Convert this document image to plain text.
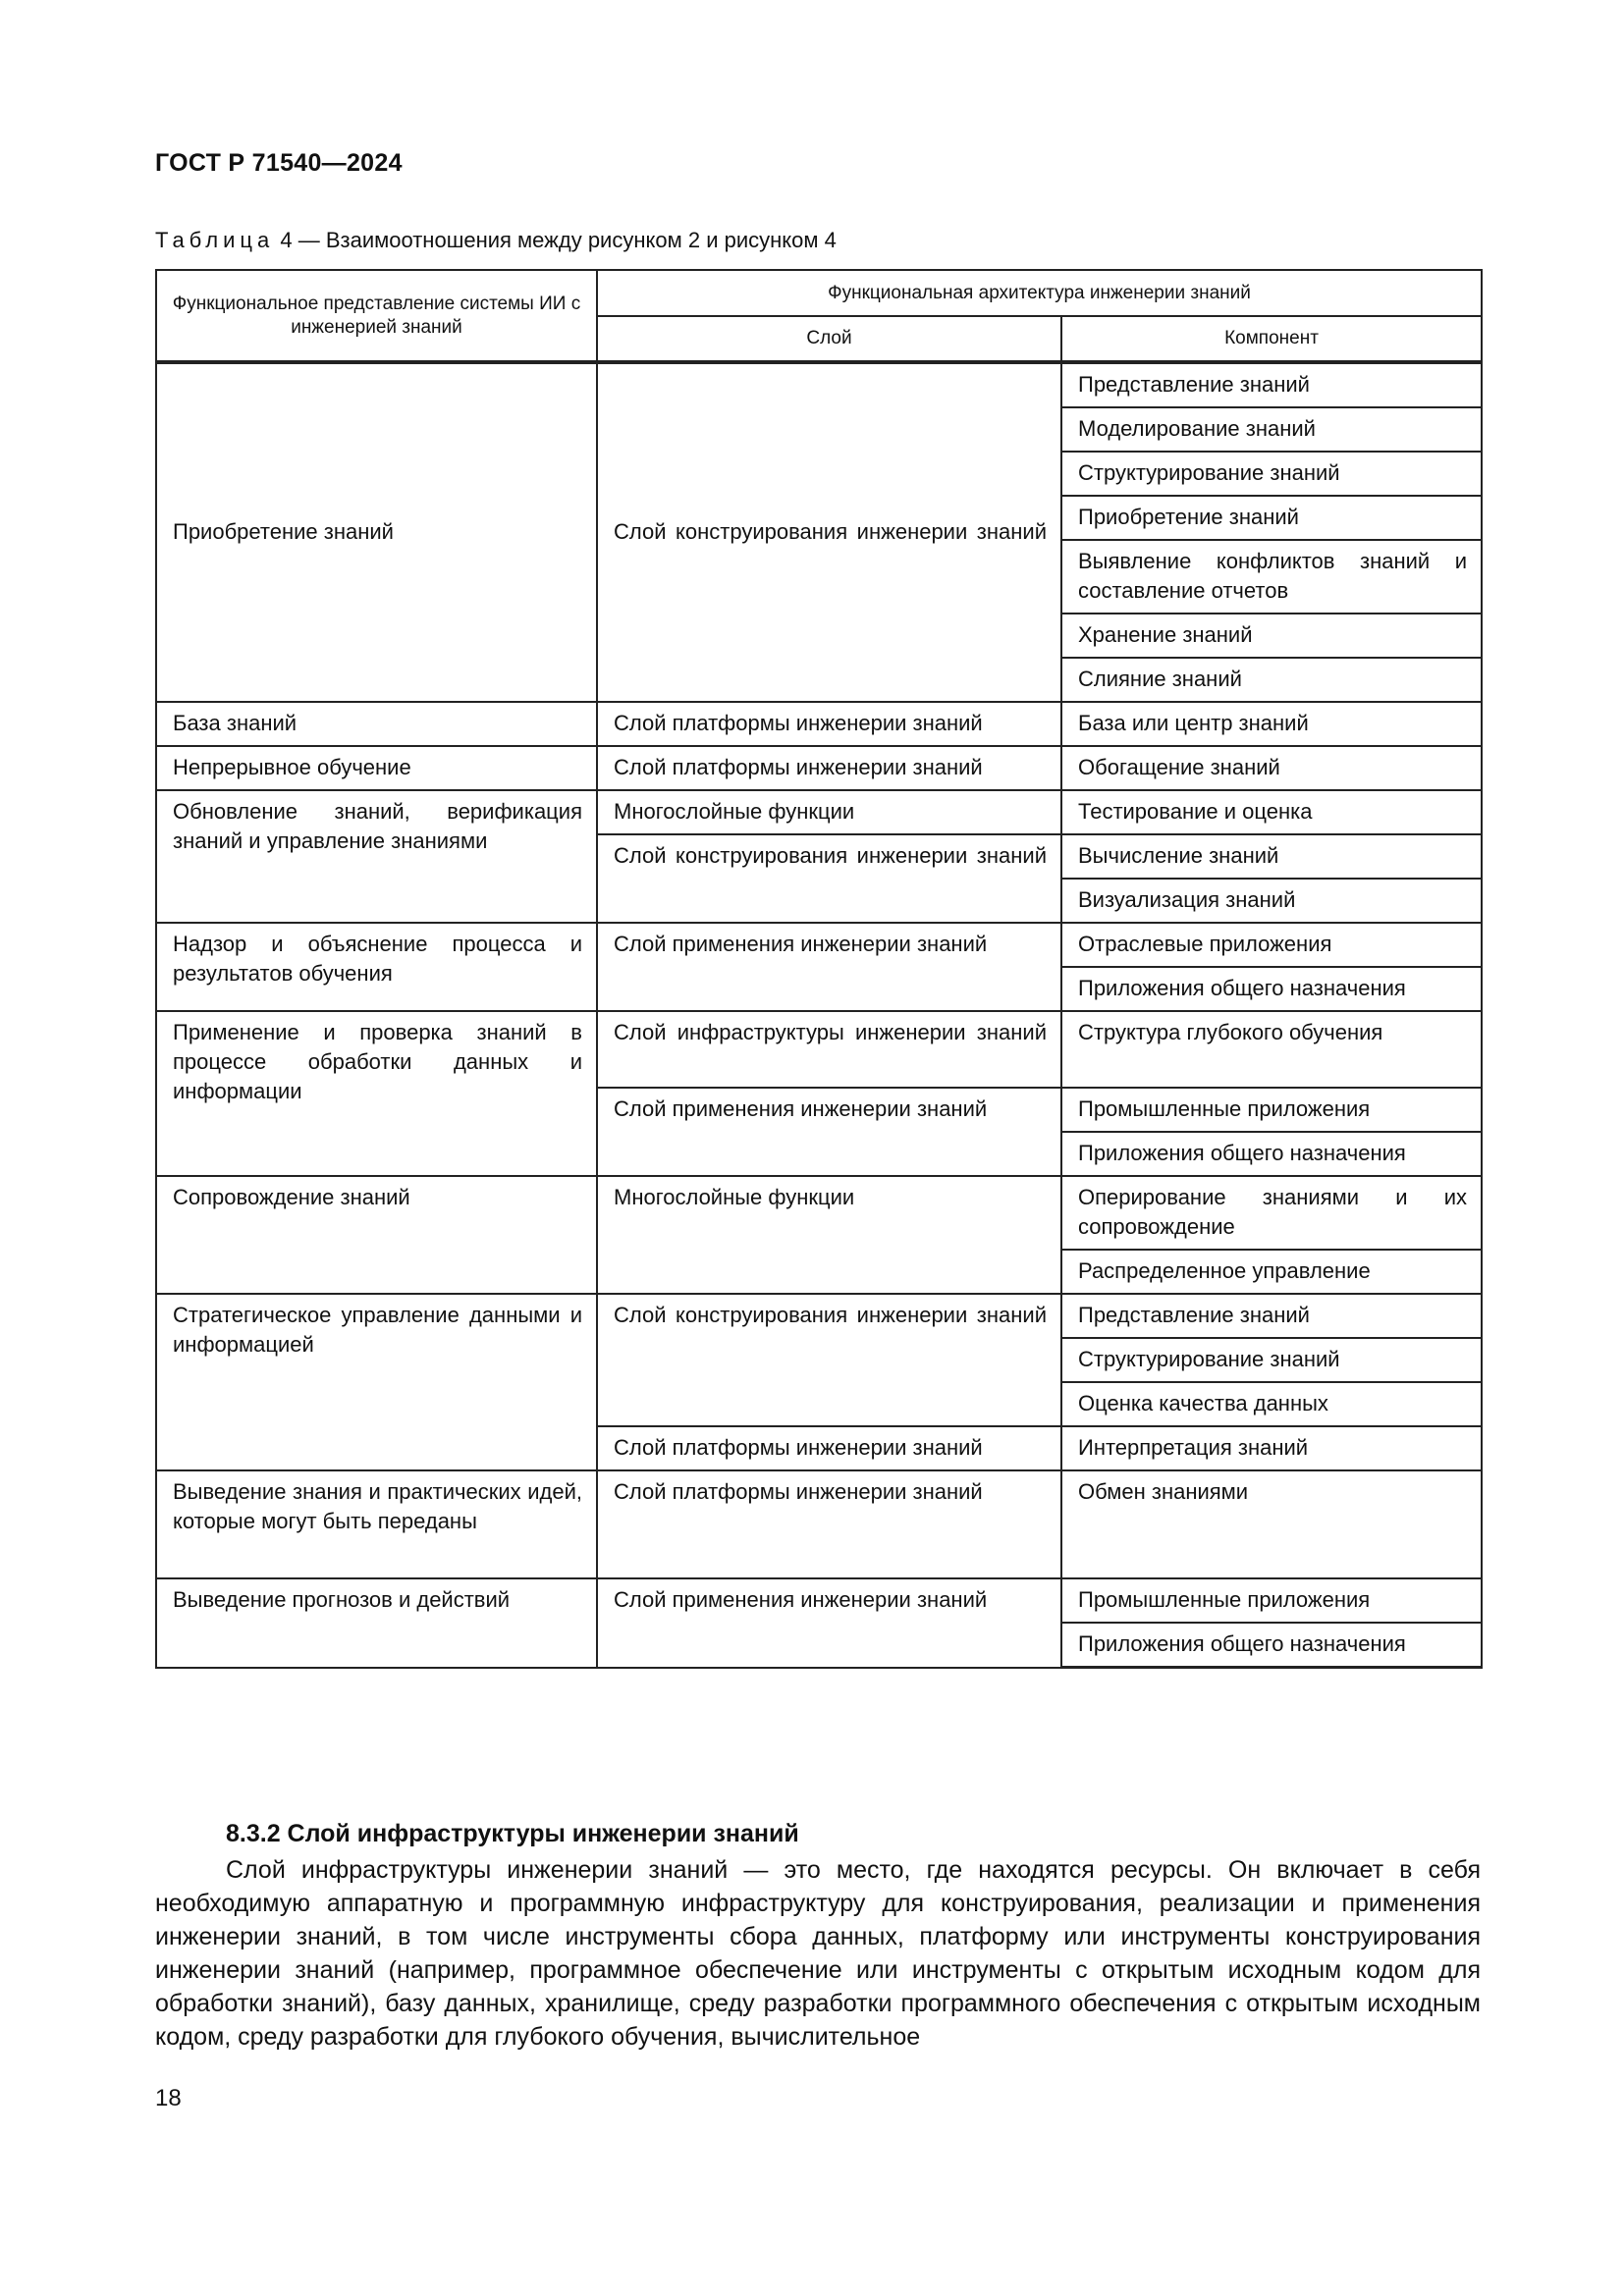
ГОСТ Р 71540—2024
Таблица 4 — Взаимоотношения между рисунком 2 и рисунком 4
Функциональное представление системы ИИ с инженерией знаний	Функциональная архитектура инженерии знаний	
	Слой	Компонент
Приобретение знаний	Слой конструирования инженерии знаний	Представление знаний
		Моделирование знаний
		Структурирование знаний
		Приобретение знаний
		Выявление конфликтов знаний и составление отчетов
		Хранение знаний
		Слияние знаний
База знаний	Слой платформы инженерии знаний	База или центр знаний
Непрерывное обучение	Слой платформы инженерии знаний	Обогащение знаний
Обновление знаний, верификация знаний и управление знаниями	Многослойные функции	Тестирование и оценка
	Слой конструирования инженерии знаний	Вычисление знаний
		Визуализация знаний
Надзор и объяснение процесса и результатов обучения	Слой применения инженерии знаний	Отраслевые приложения
		Приложения общего назначения
Применение и проверка знаний в процессе обработки данных и информации	Слой инфраструктуры инженерии знаний	Структура глубокого обучения
	Слой применения инженерии знаний	Промышленные приложения
		Приложения общего назначения
Сопровождение знаний	Многослойные функции	Оперирование знаниями и их сопровождение
		Распределенное управление
Стратегическое управление данными и информацией	Слой конструирования инженерии знаний	Представление знаний
		Структурирование знаний
		Оценка качества данных
	Слой платформы инженерии знаний	Интерпретация знаний
Выведение знания и практических идей, которые могут быть переданы	Слой платформы инженерии знаний	Обмен знаниями
Выведение прогнозов и действий	Слой применения инженерии знаний	Промышленные приложения
		Приложения общего назначения
8.3.2 Слой инфраструктуры инженерии знаний
Слой инфраструктуры инженерии знаний — это место, где находятся ресурсы. Он включает в себя необходимую аппаратную и программную инфраструктуру для конструирования, реализации и применения инженерии знаний, в том числе инструменты сбора данных, платформу или инструменты конструирования инженерии знаний (например, программное обеспечение или инструменты с открытым исходным кодом для обработки знаний), базу данных, хранилище, среду разработки программного обеспечения с открытым исходным кодом, среду разработки для глубокого обучения, вычислительное
18
